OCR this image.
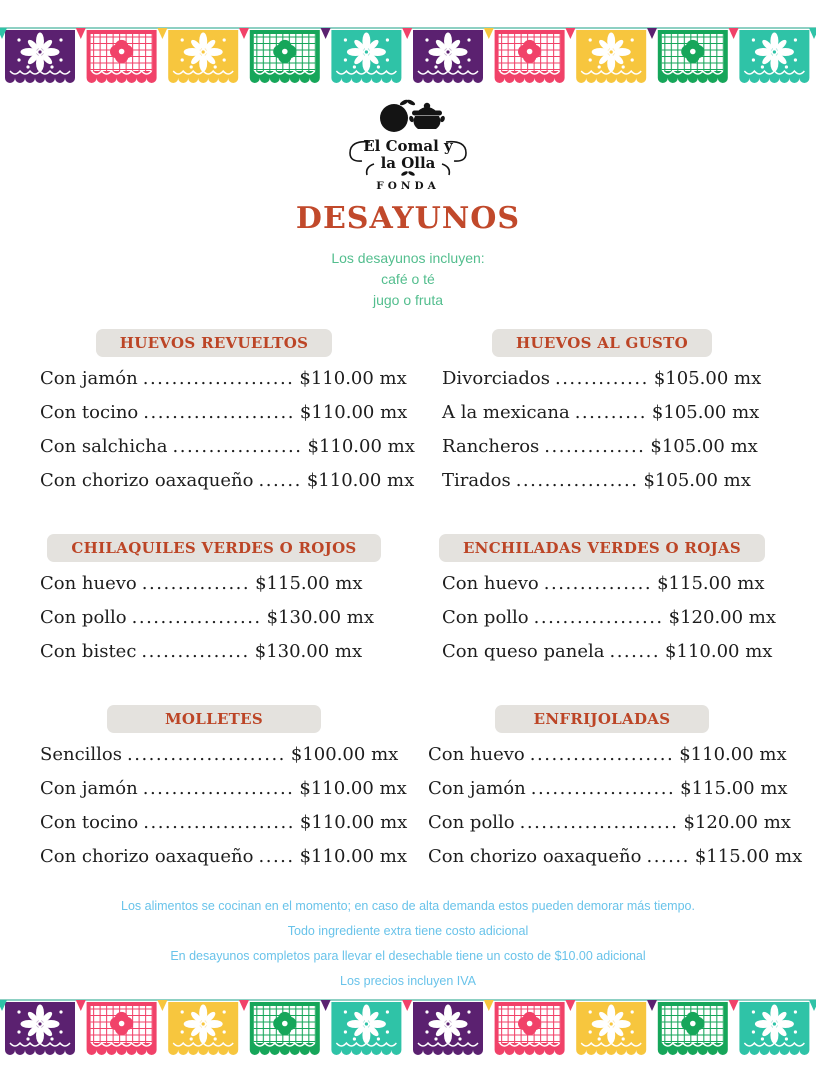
El Comal y
la Olla
FONDA
DESAYUNOS
Los desayunos incluyen:
café o té
jugo o fruta
HUEVOS REVUELTOS
Con jamón ..................... $110.00 mx
Con tocino ..................... $110.00 mx
Con salchicha .................. $110.00 mx
Con chorizo oaxaqueño ...... $110.00 mx
HUEVOS AL GUSTO
Divorciados ............. $105.00 mx
A la mexicana .......... $105.00 mx
Rancheros .............. $105.00 mx
Tirados ................. $105.00 mx
CHILAQUILES VERDES O ROJOS
Con huevo ............... $115.00 mx
Con pollo .................. $130.00 mx
Con bistec ............... $130.00 mx
ENCHILADAS VERDES O ROJAS
Con huevo ............... $115.00 mx
Con pollo .................. $120.00 mx
Con queso panela ....... $110.00 mx
MOLLETES
Sencillos ...................... $100.00 mx
Con jamón ..................... $110.00 mx
Con tocino ..................... $110.00 mx
Con chorizo oaxaqueño ..... $110.00 mx
ENFRIJOLADAS
Con huevo .................... $110.00 mx
Con jamón .................... $115.00 mx
Con pollo ...................... $120.00 mx
Con chorizo oaxaqueño ...... $115.00 mx
Los alimentos se cocinan en el momento; en caso de alta demanda estos pueden demorar más tiempo.
Todo ingrediente extra tiene costo adicional
En desayunos completos para llevar el desechable tiene un costo de $10.00 adicional
Los precios incluyen IVA
